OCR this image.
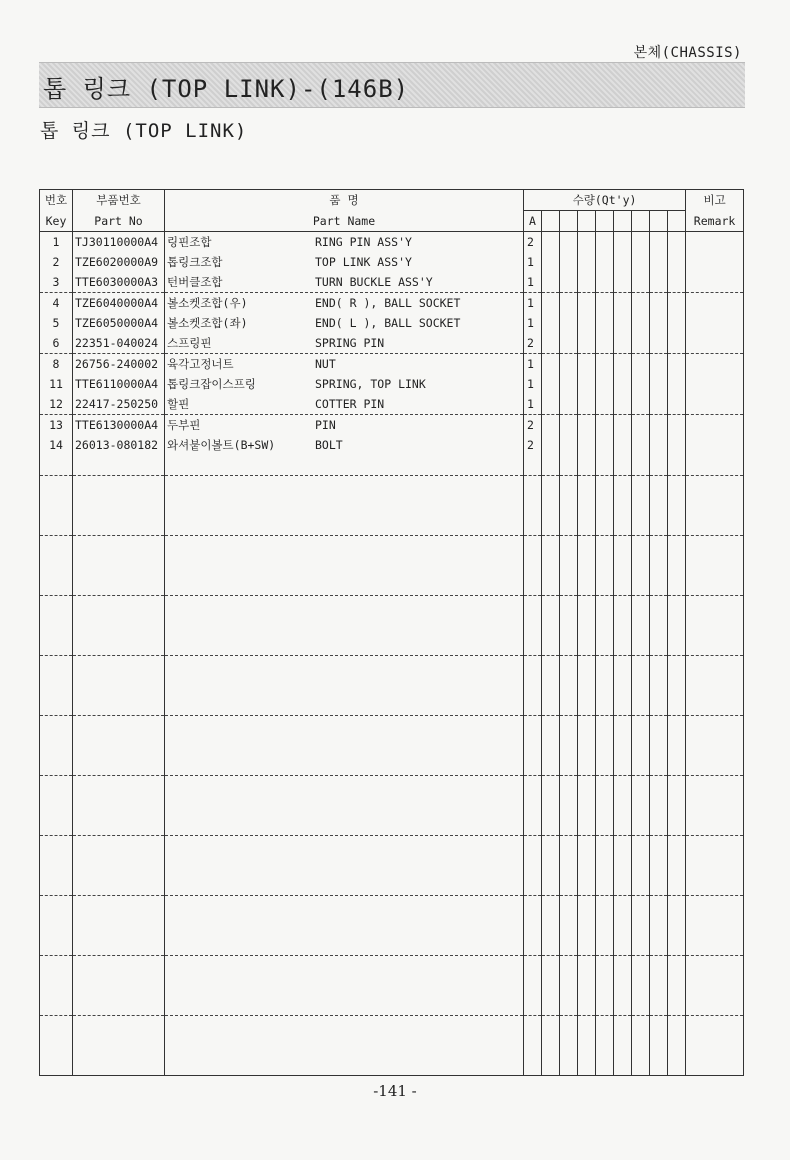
본체(CHASSIS)
톱 링크 (TOP LINK)-(146B)
톱 링크 (TOP LINK)
번호	부품번호	품 명	수량(Qt'y)									비고
Key	Part No	Part Name	A									Remark
1	TJ30110000A4	링핀조합 RING PIN ASS'Y	2									
2	TZE6020000A9	톱링크조합 TOP LINK ASS'Y	1									
3	TTE6030000A3	턴버클조합 TURN BUCKLE ASS'Y	1									
4	TZE6040000A4	볼소켓조합(우) END( R ), BALL SOCKET	1									
5	TZE6050000A4	볼소켓조합(좌) END( L ), BALL SOCKET	1									
6	22351-040024	스프링핀 SPRING PIN	2									
8	26756-240002	육각고정너트 NUT	1									
11	TTE6110000A4	톱링크잡이스프링 SPRING, TOP LINK	1									
12	22417-250250	할핀 COTTER PIN	1									
13	TTE6130000A4	두부핀 PIN	2									
14	26013-080182	와셔붙이볼트(B+SW) BOLT	2									

-141 -
